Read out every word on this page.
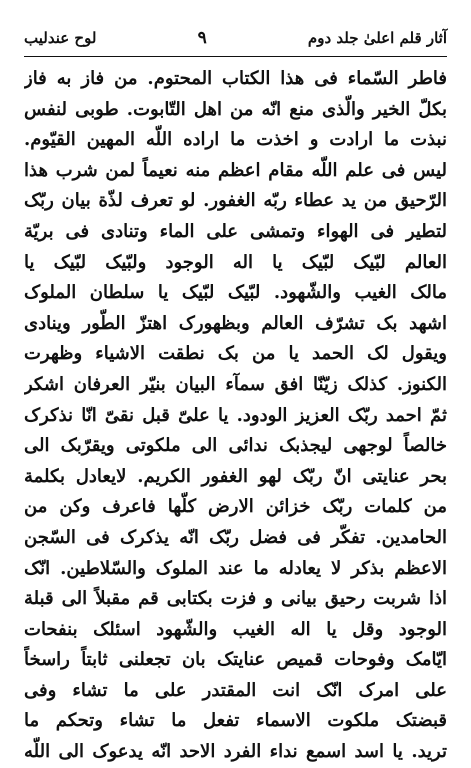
آثار قلم اعلیٰ جلد دوم
۹
لوح عندلیب
فاطر السّماء فی هذا الکتاب المحتوم. من فاز به فاز
بکلّ الخیر والّذی منع انّه من اهل التّابوت. طوبی لنفس
نبذت ما ارادت و اخذت ما اراده اللّه المهین القیّوم.
لیس فی علم اللّه مقام اعظم منه نعیماً لمن شرب هذا
الرّحیق من ید عطاء ربّه الغفور. لو تعرف لذّة بیان ربّک
لتطیر فی الهواء وتمشی علی الماء وتنادی فی بریّة
العالم لبّیک لبّیک یا اله الوجود ولبّیک لبّیک یا
مالک الغیب والشّهود. لبّیک لبّیک یا سلطان الملوک
اشهد بک تشرّف العالم وبظهورک اهتزّ الطّور وینادی
ویقول لک الحمد یا من بک نطقت الاشیاء وظهرت
الکنوز. کذلک زیّنّا افق سمآء البیان بنیّر العرفان اشکر
ثمّ احمد ربّک العزیز الودود. یا علیّ قبل نقیّ انّا نذکرک
خالصاً لوجهی لیجذبک ندائی الی ملکوتی ویقرّبک الی
بحر عنایتی انّ ربّک لهو الغفور الکریم. لایعادل بکلمة
من کلمات ربّک خزائن الارض کلّها فاعرف وکن من
الحامدین. تفکّر فی فضل ربّک انّه یذکرک فی السّجن
الاعظم بذکر لا یعادله ما عند الملوک والسّلاطین. انّک
اذا شربت رحیق بیانی و فزت بکتابی قم مقبلاً الی قبلة
الوجود وقل یا اله الغیب والشّهود اسئلک بنفحات
ایّامک وفوحات قمیص عنایتک بان تجعلنی ثابتاً راسخاً
علی امرک انّک انت المقتدر علی ما تشاء وفی
قبضتک ملکوت الاسماء تفعل ما تشاء وتحکم ما
ترید. یا اسد اسمع نداء الفرد الاحد انّه یدعوک الی اللّه
